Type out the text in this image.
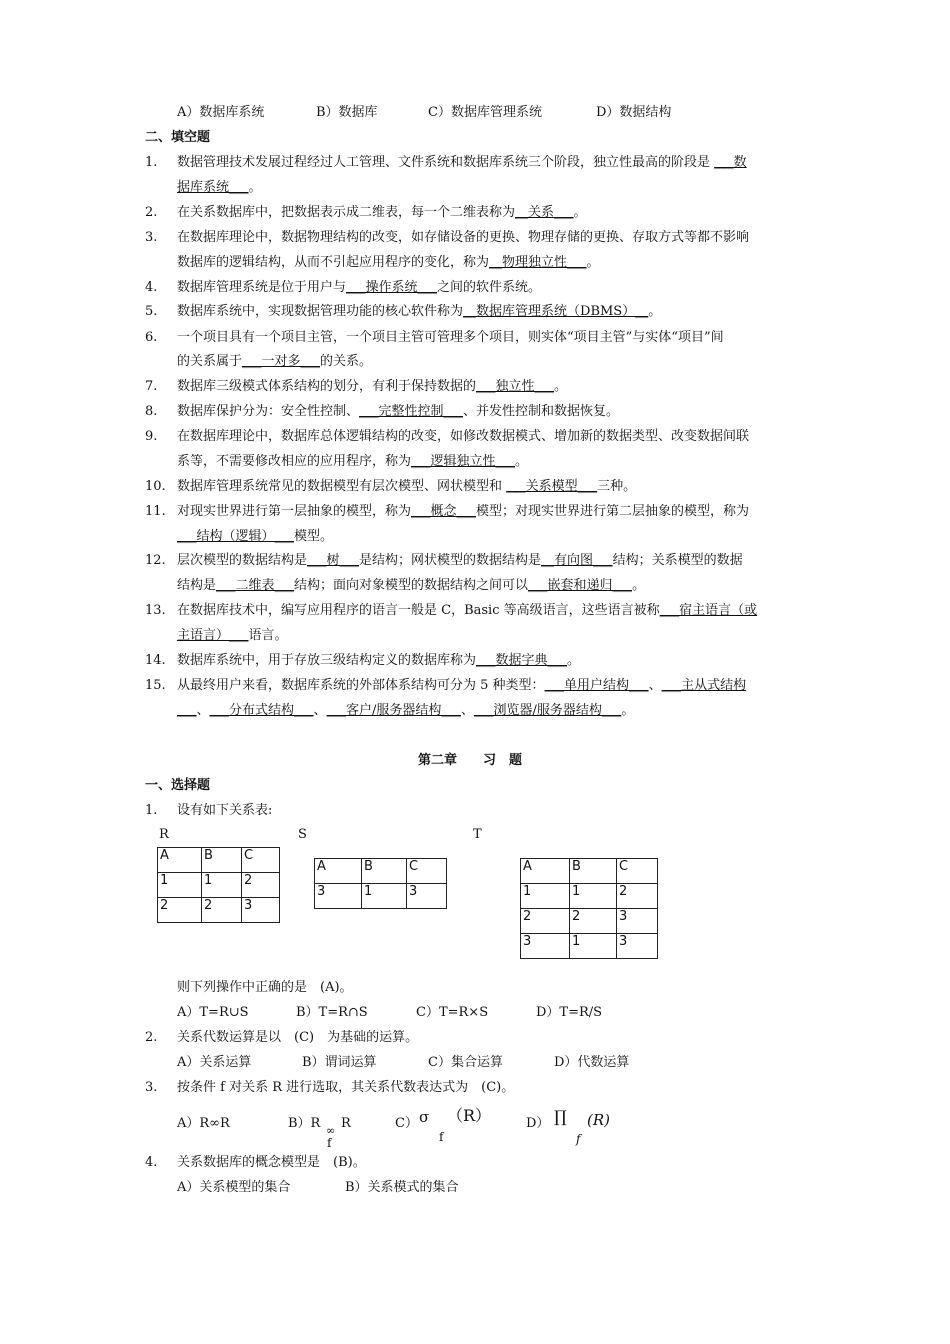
A）数据库系统	B）数据库	C）数据库管理系统	D）数据结构
二、填空题
1. 数据管理技术发展过程经过人工管理、文件系统和数据库系统三个阶段，独立性最高的阶段是 ___数
据库系统___。
2. 在关系数据库中，把数据表示成二维表，每一个二维表称为__关系___。
3. 在数据库理论中，数据物理结构的改变，如存储设备的更换、物理存储的更换、存取方式等都不影响
数据库的逻辑结构，从而不引起应用程序的变化，称为__物理独立性___。
4. 数据库管理系统是位于用户与___操作系统___之间的软件系统。
5. 数据库系统中，实现数据管理功能的核心软件称为__数据库管理系统（DBMS）__。
6. 一个项目具有一个项目主管，一个项目主管可管理多个项目，则实体“项目主管”与实体“项目”间
的关系属于___一对多___的关系。
7. 数据库三级模式体系结构的划分，有利于保持数据的___独立性___。
8. 数据库保护分为：安全性控制、___完整性控制___、并发性控制和数据恢复。
9. 在数据库理论中，数据库总体逻辑结构的改变，如修改数据模式、增加新的数据类型、改变数据间联
系等，不需要修改相应的应用程序，称为___逻辑独立性___。
10. 数据库管理系统常见的数据模型有层次模型、网状模型和 ___关系模型___三种。
11. 对现实世界进行第一层抽象的模型，称为___概念___模型；对现实世界进行第二层抽象的模型，称为
___结构（逻辑）___模型。
12. 层次模型的数据结构是___树___是结构；网状模型的数据结构是__有向图___结构；关系模型的数据
结构是___二维表___结构；面向对象模型的数据结构之间可以___嵌套和递归___。
13. 在数据库技术中，编写应用程序的语言一般是 C，Basic 等高级语言，这些语言被称___宿主语言（或
主语言）___语言。
14. 数据库系统中，用于存放三级结构定义的数据库称为___数据字典___。
15. 从最终用户来看，数据库系统的外部体系结构可分为 5 种类型：___单用户结构___、___主从式结构
___、___分布式结构___、___客户/服务器结构___、___浏览器/服务器结构___。
第二章　　习　题
一、选择题
1. 设有如下关系表:
R	S	T
A	B	C
1	1	2
2	2	3
A	B	C
3	1	3
A	B	C
1	1	2
2	2	3
3	1	3
则下列操作中正确的是　(A)。
A）T=R∪S	B）T=R∩S	C）T=R×S	D）T=R/S
2. 关系代数运算是以　(C)　为基础的运算。
A）关系运算	B）谓词运算	C）集合运算	D）代数运算
3. 按条件 f 对关系 R 进行选取，其关系代数表达式为　(C)。
A）R∞R	B）R ∞ R
f
C） σ （R）
f
D） ∏ (R)
f
4. 关系数据库的概念模型是　(B)。
A）关系模型的集合	B）关系模式的集合
